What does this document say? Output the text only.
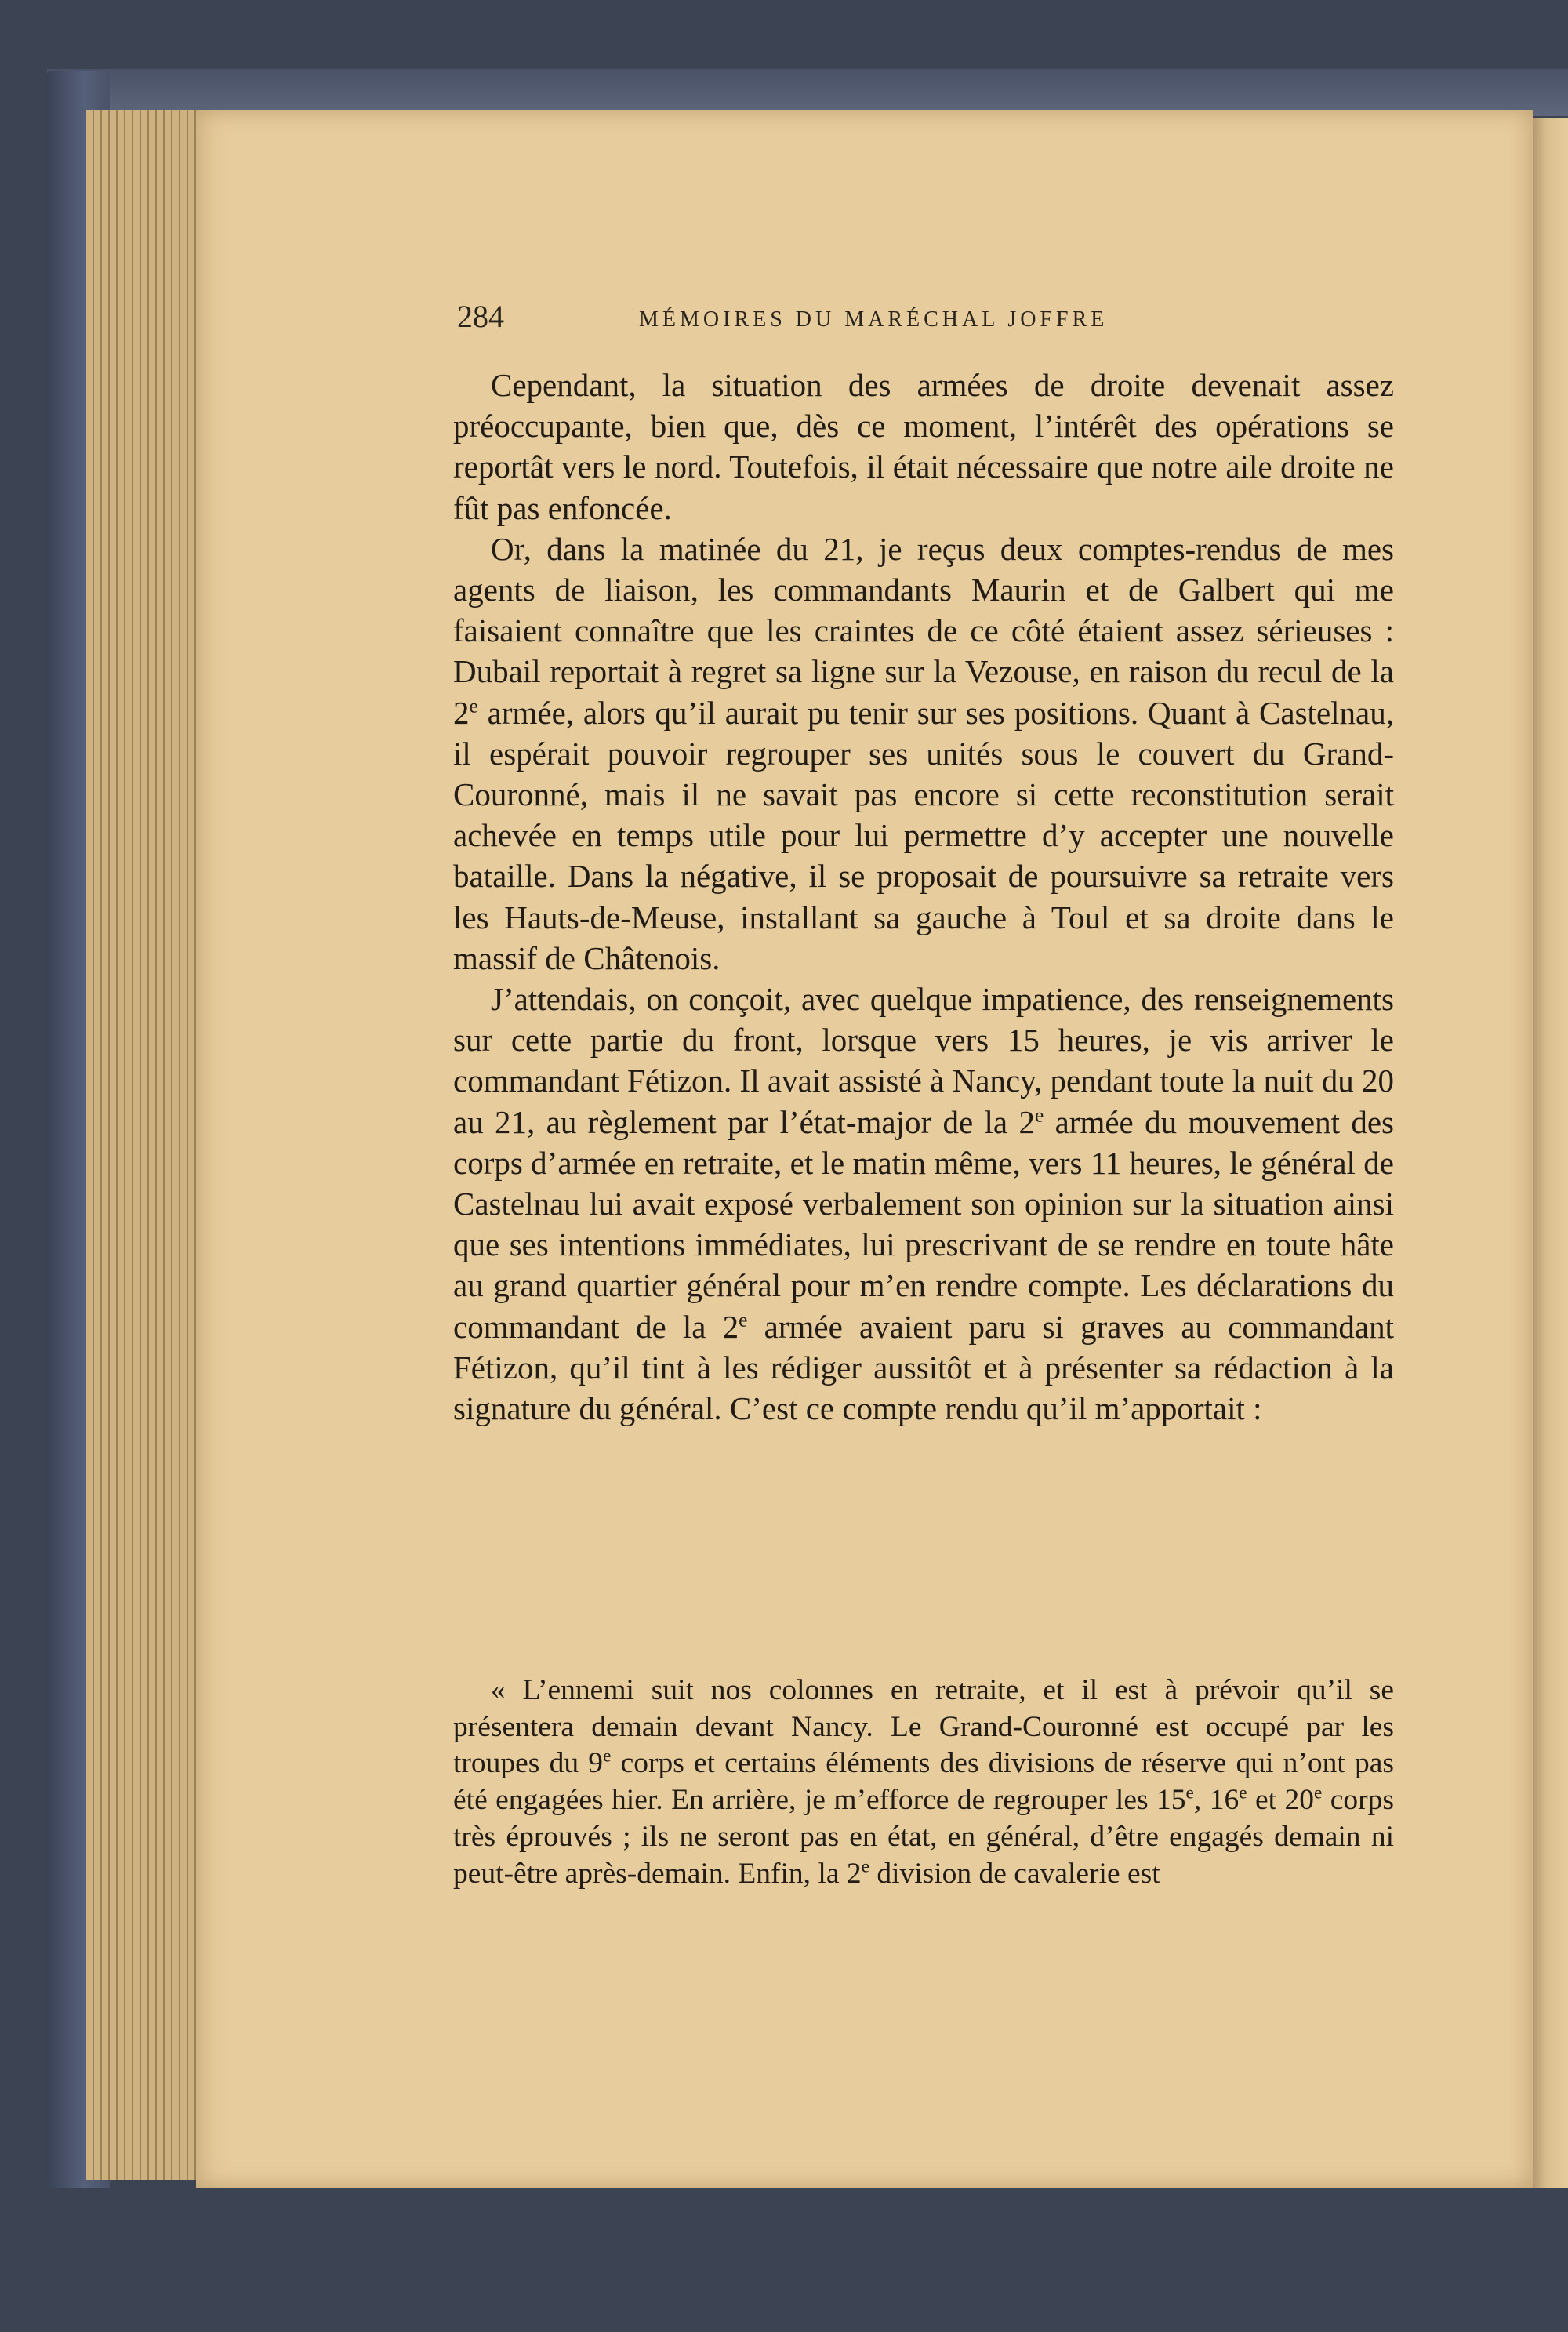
284	MÉMOIRES DU MARÉCHAL JOFFRE

Cependant, la situation des armées de droite devenait assez préoccupante, bien que, dès ce moment, l’intérêt des opérations se reportât vers le nord. Toutefois, il était nécessaire que notre aile droite ne fût pas enfoncée.

Or, dans la matinée du 21, je reçus deux comptes-rendus de mes agents de liaison, les commandants Maurin et de Galbert qui me faisaient connaître que les craintes de ce côté étaient assez sérieuses : Dubail reportait à regret sa ligne sur la Vezouse, en raison du recul de la 2e armée, alors qu’il aurait pu tenir sur ses positions. Quant à Castelnau, il espérait pouvoir regrouper ses unités sous le couvert du Grand-Couronné, mais il ne savait pas encore si cette reconstitution serait achevée en temps utile pour lui permettre d’y accepter une nouvelle bataille. Dans la négative, il se proposait de poursuivre sa retraite vers les Hauts-de-Meuse, installant sa gauche à Toul et sa droite dans le massif de Châtenois.

J’attendais, on conçoit, avec quelque impatience, des renseignements sur cette partie du front, lorsque vers 15 heures, je vis arriver le commandant Fétizon. Il avait assisté à Nancy, pendant toute la nuit du 20 au 21, au règlement par l’état-major de la 2e armée du mouvement des corps d’armée en retraite, et le matin même, vers 11 heures, le général de Castelnau lui avait exposé verbalement son opinion sur la situation ainsi que ses intentions immédiates, lui prescrivant de se rendre en toute hâte au grand quartier général pour m’en rendre compte. Les déclarations du commandant de la 2e armée avaient paru si graves au commandant Fétizon, qu’il tint à les rédiger aussitôt et à présenter sa rédaction à la signature du général. C’est ce compte rendu qu’il m’apportait :

« L’ennemi suit nos colonnes en retraite, et il est à prévoir qu’il se présentera demain devant Nancy. Le Grand-Couronné est occupé par les troupes du 9e corps et certains éléments des divisions de réserve qui n’ont pas été engagées hier. En arrière, je m’efforce de regrouper les 15e, 16e et 20e corps très éprouvés ; ils ne seront pas en état, en général, d’être engagés demain ni peut-être après-demain. Enfin, la 2e division de cavalerie est
